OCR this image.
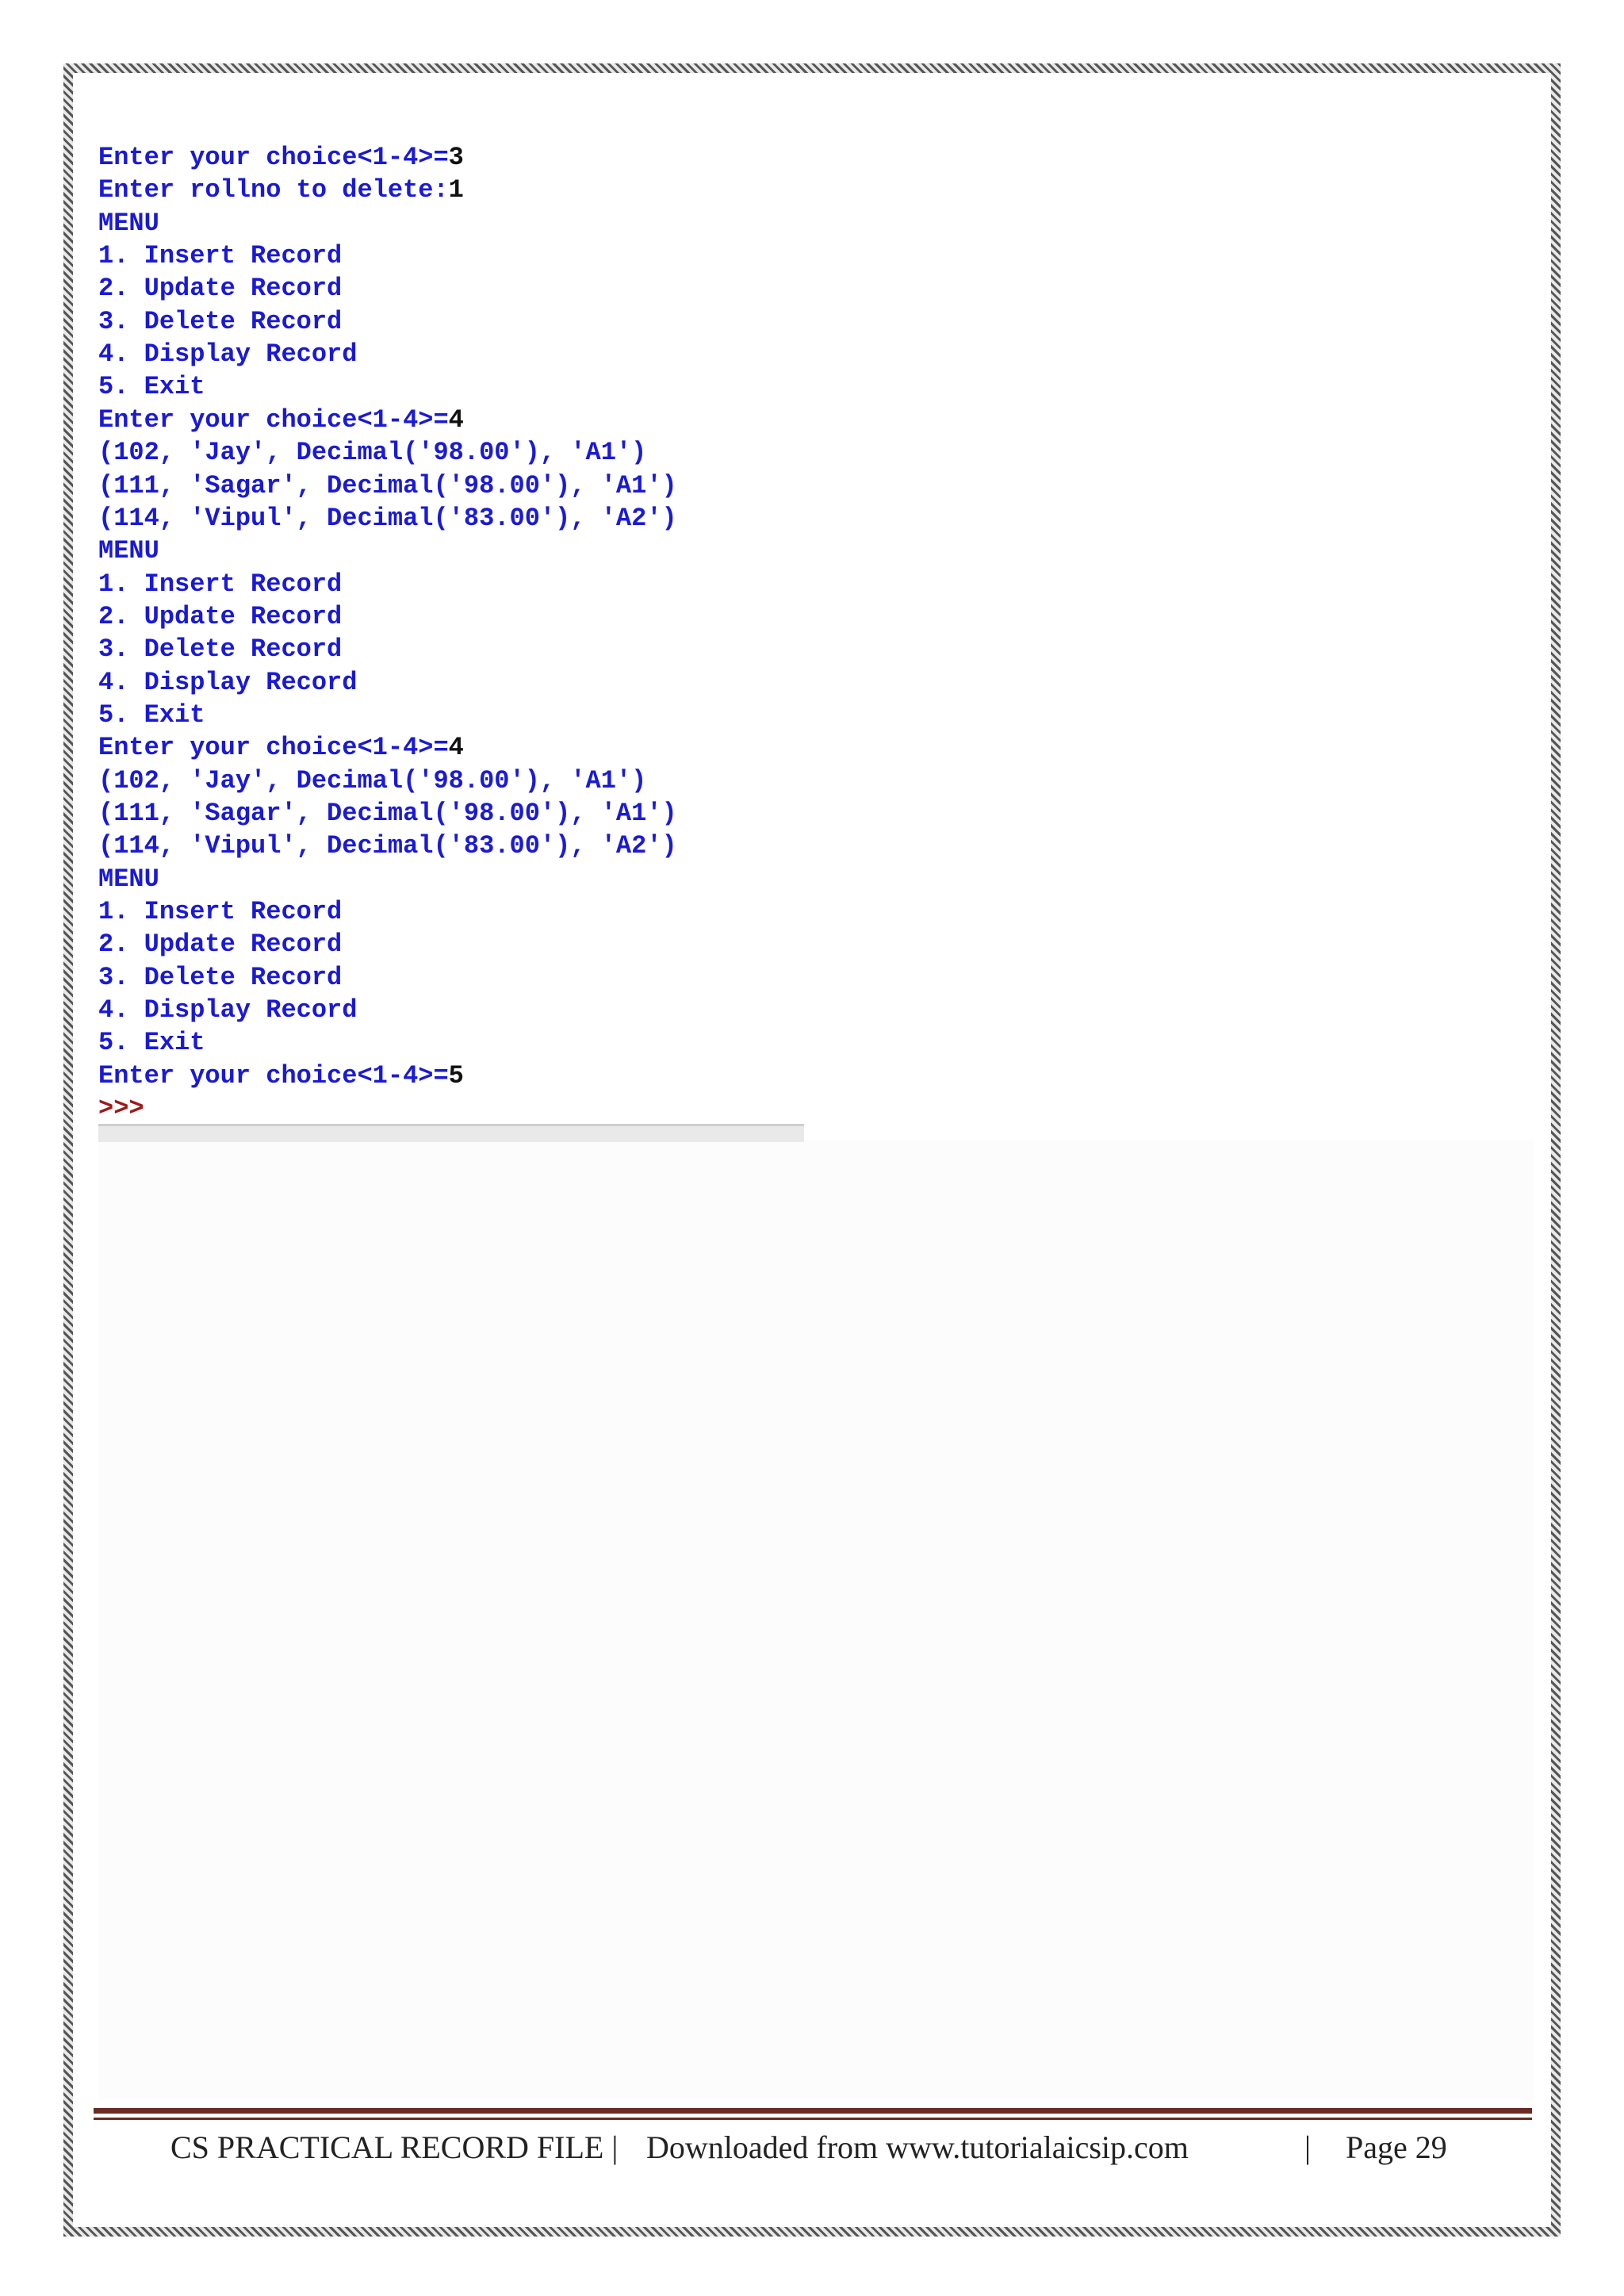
Enter your choice<1-4>=3
Enter rollno to delete:1
MENU
1. Insert Record
2. Update Record
3. Delete Record
4. Display Record
5. Exit
Enter your choice<1-4>=4
(102, 'Jay', Decimal('98.00'), 'A1')
(111, 'Sagar', Decimal('98.00'), 'A1')
(114, 'Vipul', Decimal('83.00'), 'A2')
MENU
1. Insert Record
2. Update Record
3. Delete Record
4. Display Record
5. Exit
Enter your choice<1-4>=4
(102, 'Jay', Decimal('98.00'), 'A1')
(111, 'Sagar', Decimal('98.00'), 'A1')
(114, 'Vipul', Decimal('83.00'), 'A2')
MENU
1. Insert Record
2. Update Record
3. Delete Record
4. Display Record
5. Exit
Enter your choice<1-4>=5
>>>
CS PRACTICAL RECORD FILE | Downloaded from www.tutorialaicsip.com	| Page 29
